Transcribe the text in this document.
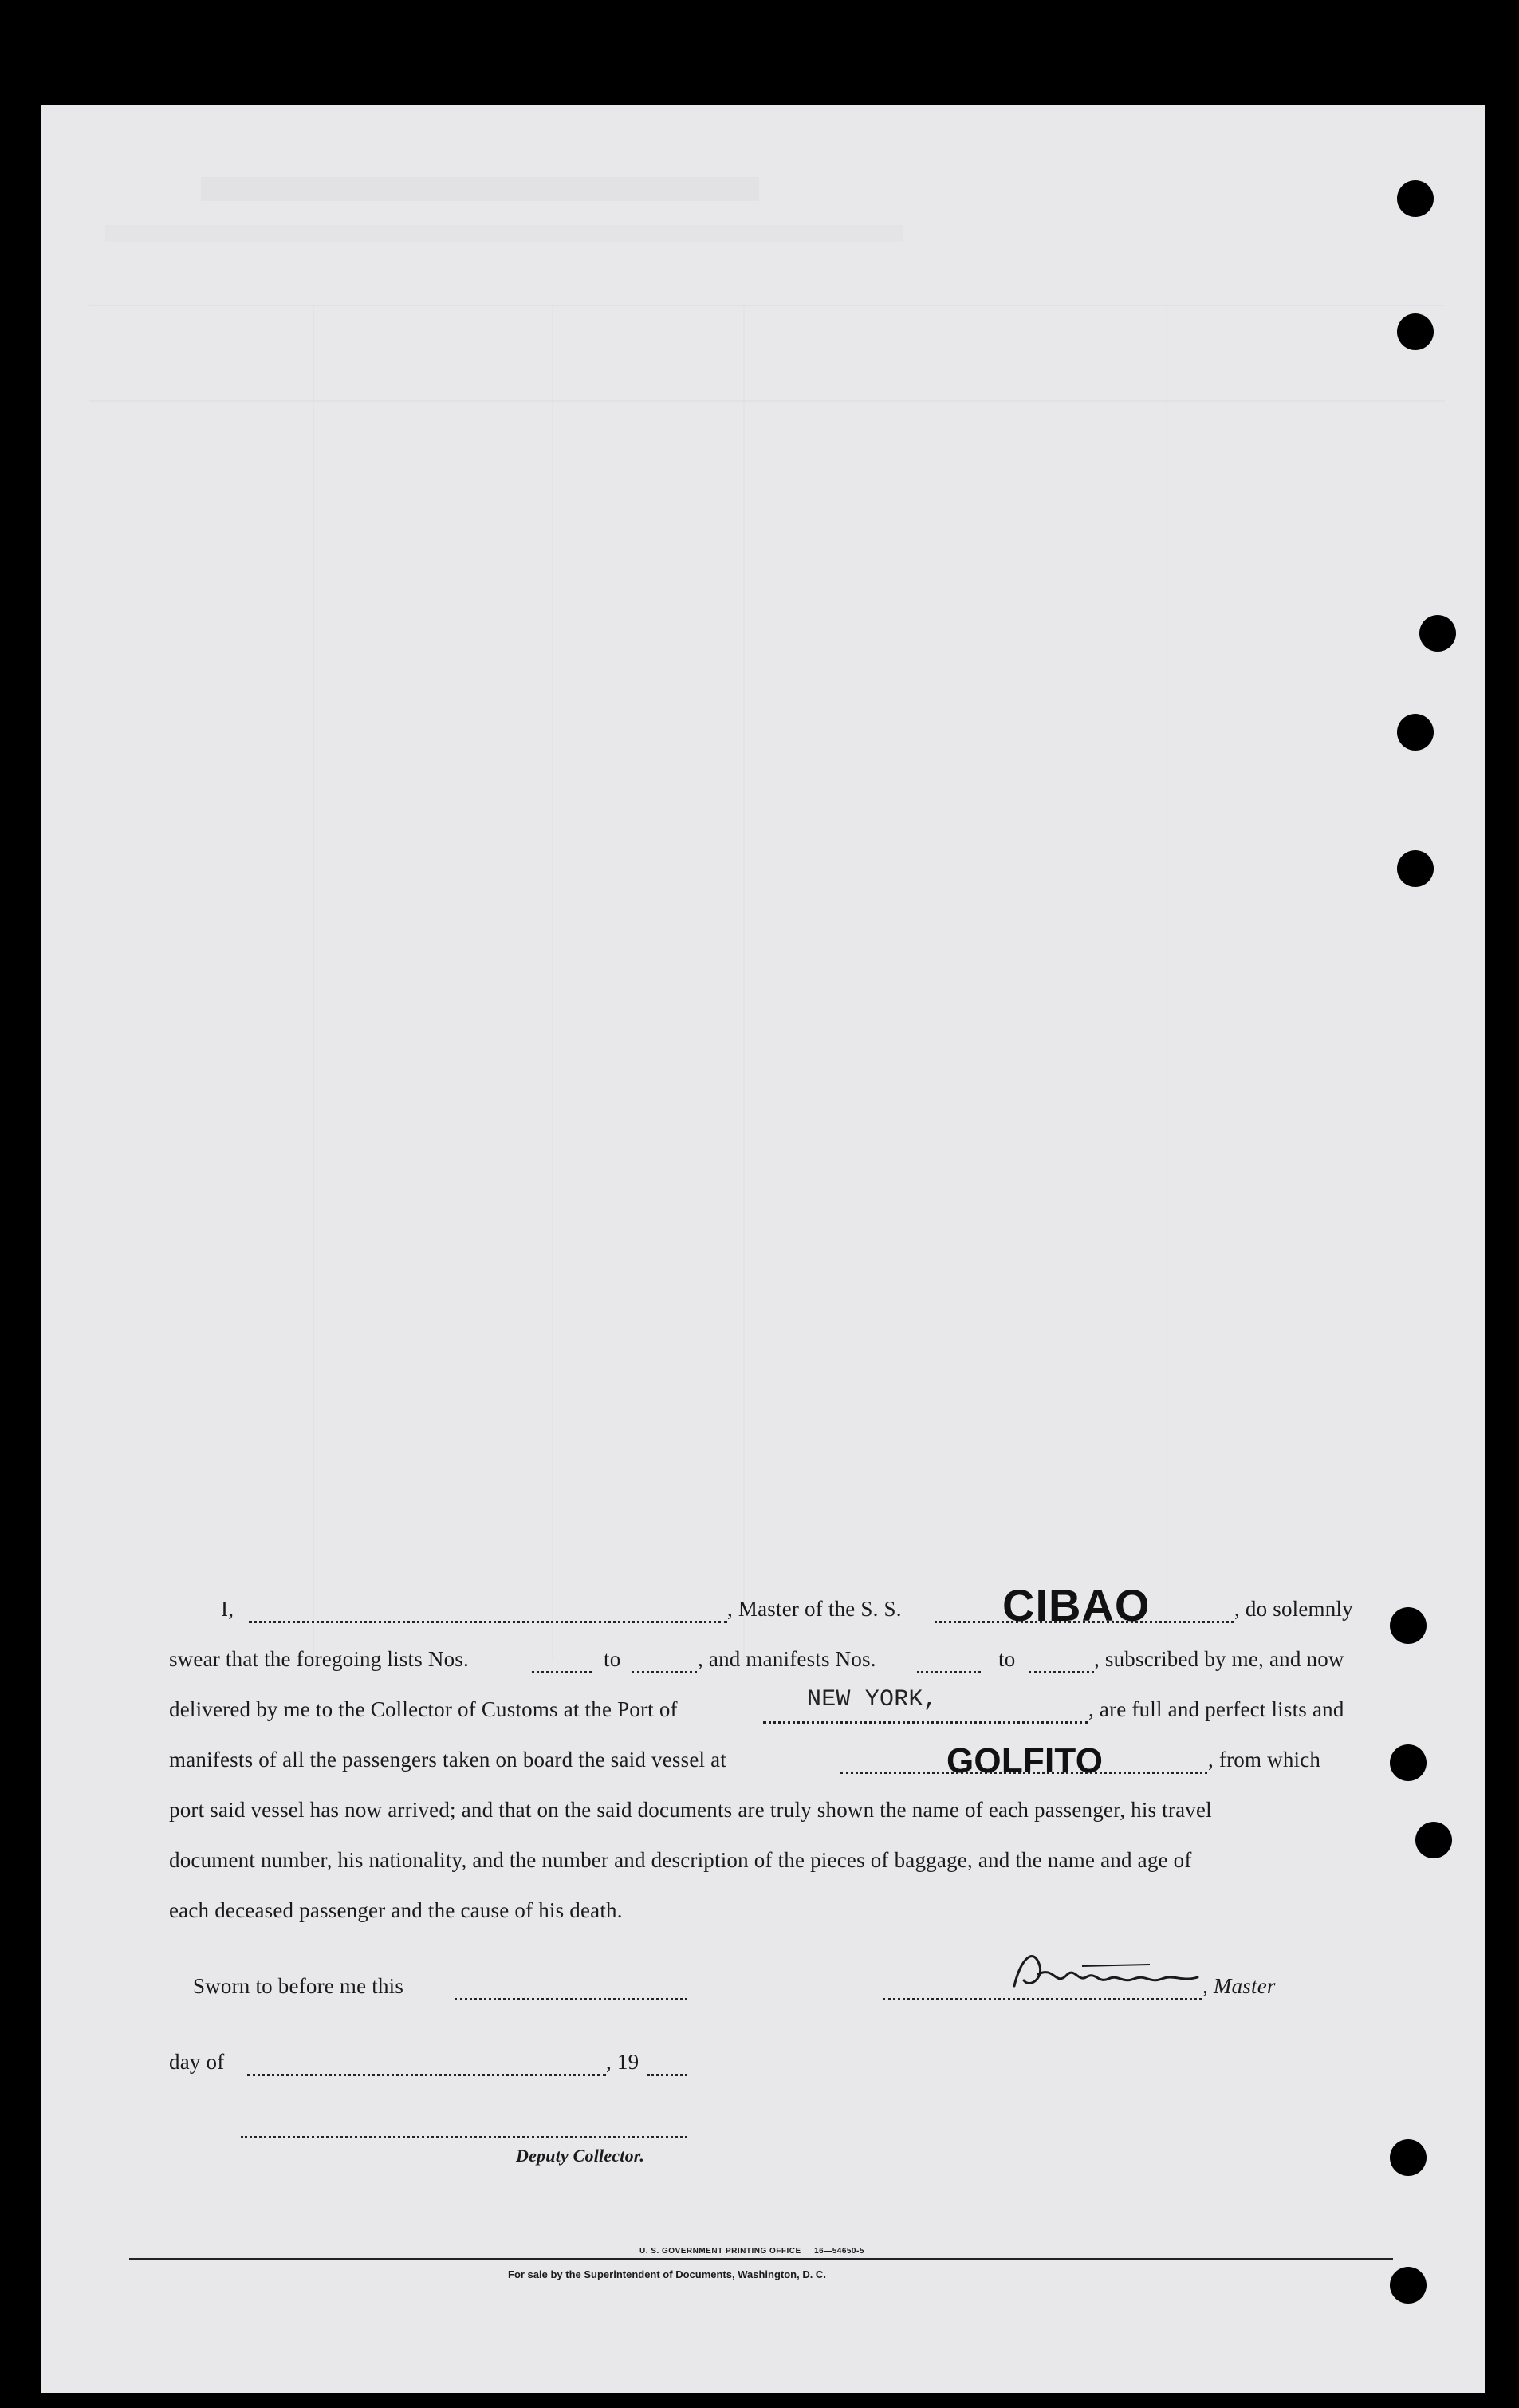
I,	, Master of the S. S. CIBAO	, do solemnly
swear that the foregoing lists Nos.	to	, and manifests Nos.	to	, subscribed by me, and now
delivered by me to the Collector of Customs at the Port of	NEW YORK,	, are full and perfect lists and
manifests of all the passengers taken on board the said vessel at	GOLFITO	, from which
port said vessel has now arrived; and that on the said documents are truly shown the name of each passenger, his travel
document number, his nationality, and the number and description of the pieces of baggage, and the name and age of
each deceased passenger and the cause of his death.
Sworn to before me this	, Master
day of	, 19
Deputy Collector.
U. S. GOVERNMENT PRINTING OFFICE     16—54650-5
For sale by the Superintendent of Documents, Washington, D. C.
